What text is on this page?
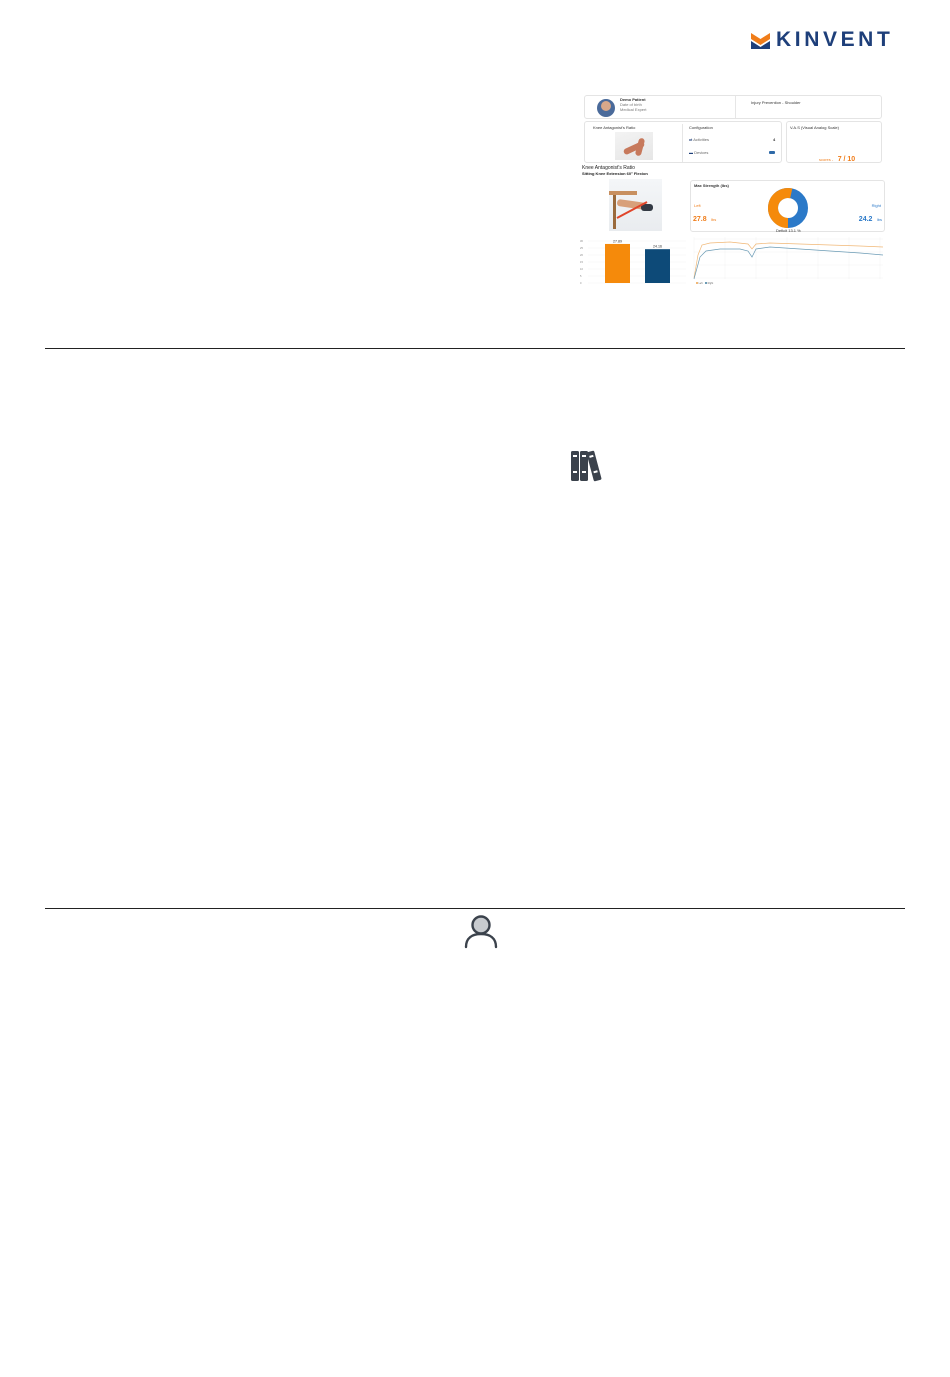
KINVENT
Demo Patient
Date of birth
Medical Expert
Injury Prevention - Shoulder
Knee Antagonist's Ratio	Configuration
⇄ Activities	4
▬ Devices
V.A.S (Visual Analog Scale)
scores - 7 / 10
Knee Antagonist's Ratio
Sitting Knee Extension 60° Flexion
Max Strength (lbs)
Left
27.8 lbs
Deficit 13.1 %
Right
24.2 lbs
30
25
20
15
10
5
0
27.89
24.16
Left Right
